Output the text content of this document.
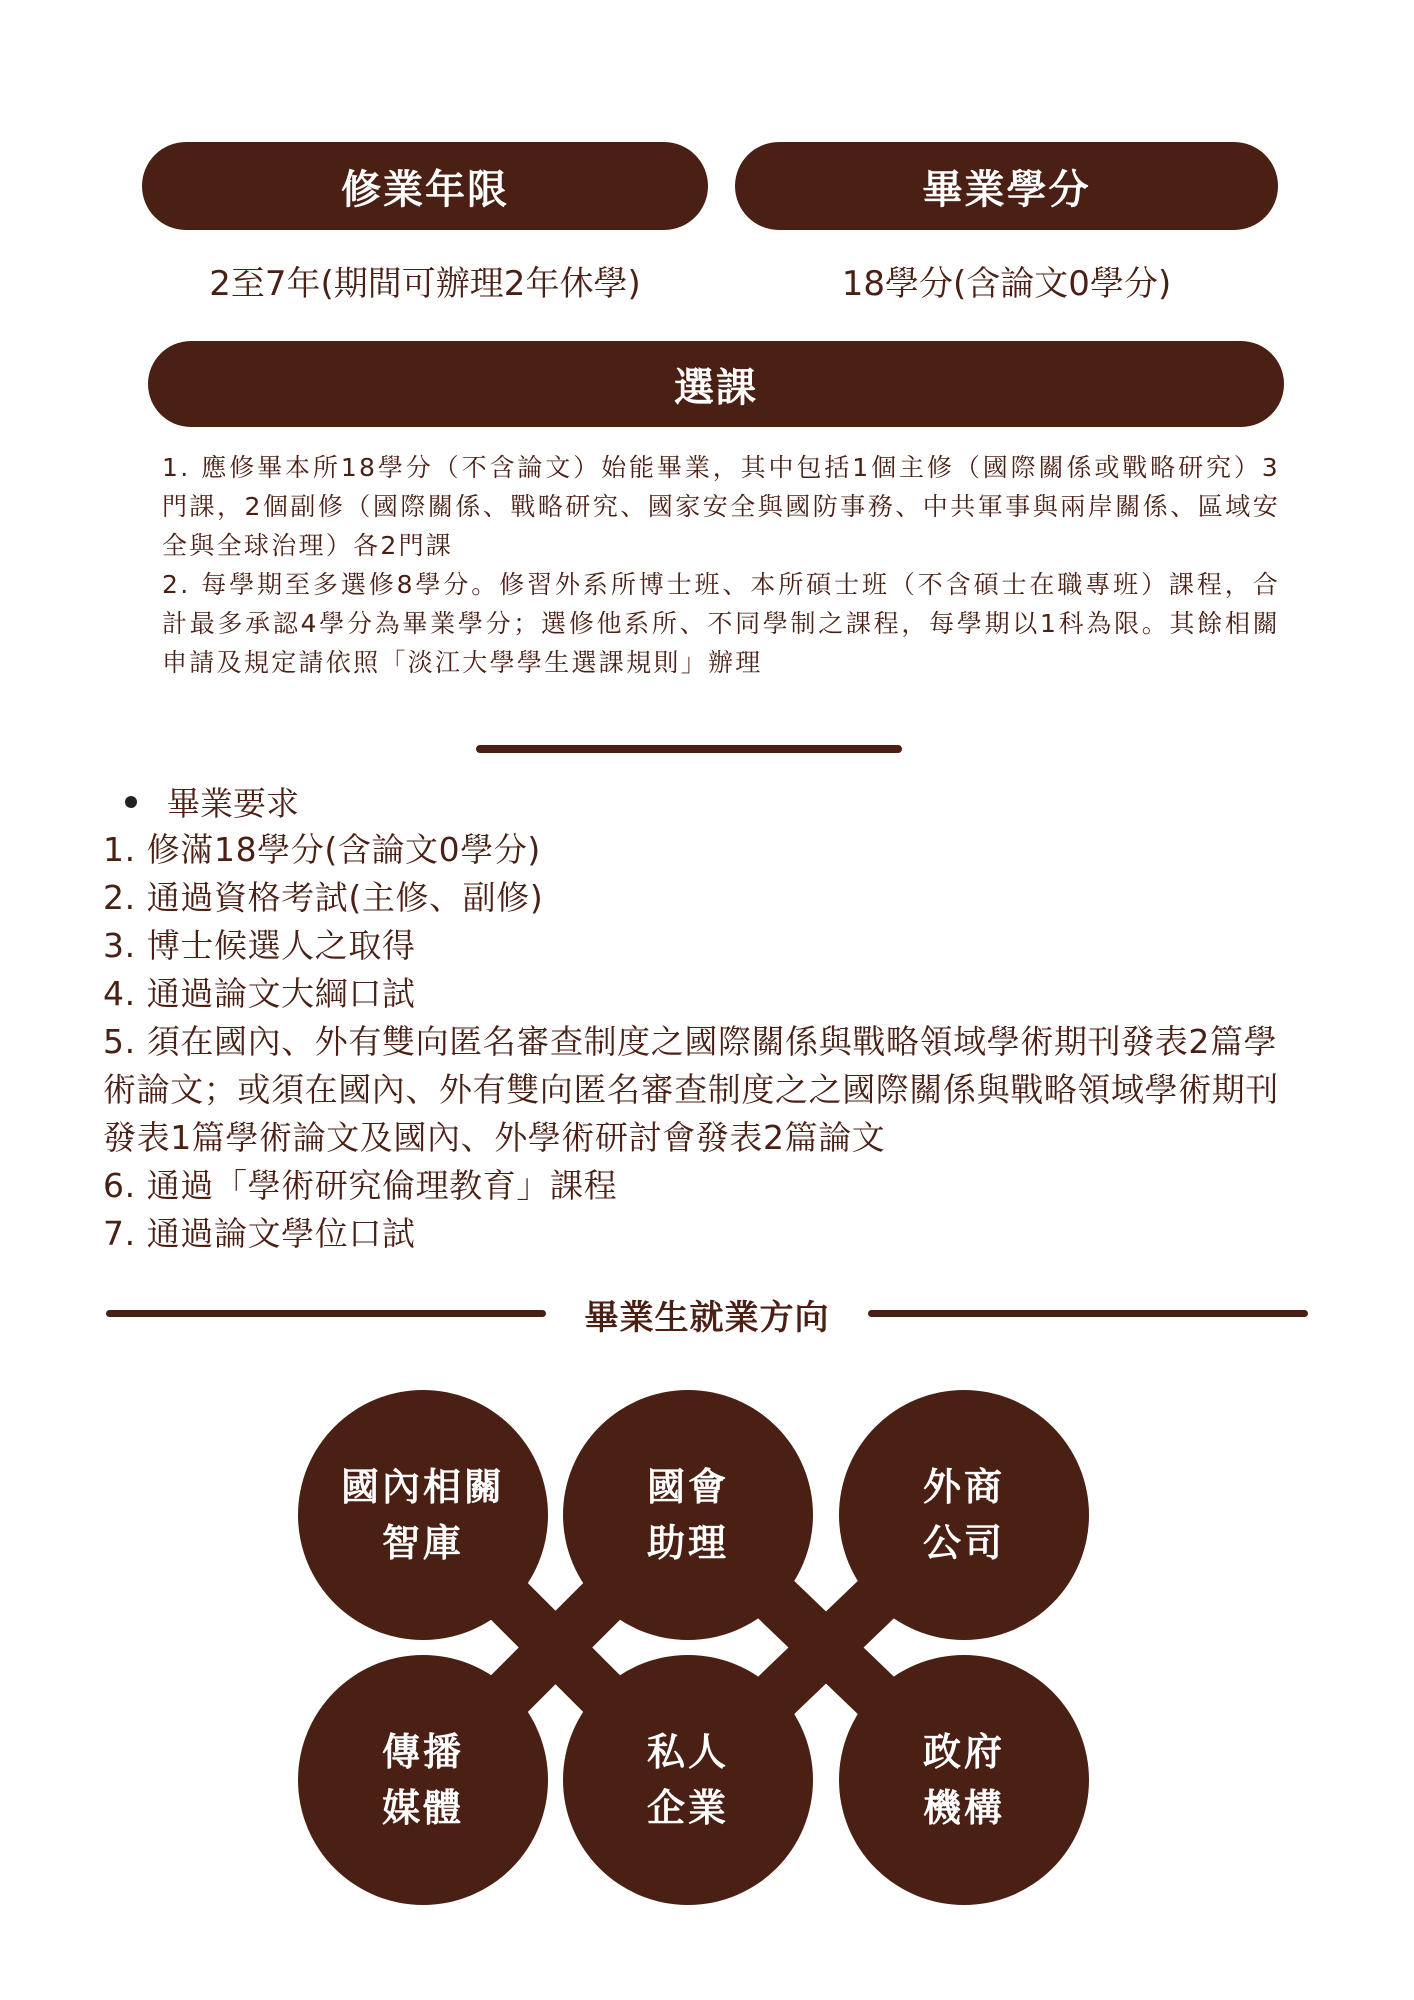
修業年限	畢業學分
2至7年(期間可辦理2年休學)	18學分(含論文0學分)
選課

1. 應修畢本所18學分（不含論文）始能畢業，其中包括1個主修（國際關係或戰略研究）3門課，2個副修（國際關係、戰略研究、國家安全與國防事務、中共軍事與兩岸關係、區域安全與全球治理）各2門課

2. 每學期至多選修8學分。修習外系所博士班、本所碩士班（不含碩士在職專班）課程，合計最多承認4學分為畢業學分；選修他系所、不同學制之課程，每學期以1科為限。其餘相關申請及規定請依照「淡江大學學生選課規則」辦理

畢業要求
1. 修滿18學分(含論文0學分)
2. 通過資格考試(主修、副修)
3. 博士候選人之取得
4. 通過論文大綱口試
5. 須在國內、外有雙向匿名審查制度之國際關係與戰略領域學術期刊發表2篇學術論文；或須在國內、外有雙向匿名審查制度之之國際關係與戰略領域學術期刊發表1篇學術論文及國內、外學術研討會發表2篇論文
6. 通過「學術研究倫理教育」課程
7. 通過論文學位口試
畢業生就業方向
國內相關
智庫
國會
助理
外商
公司
傳播
媒體
私人
企業
政府
機構
